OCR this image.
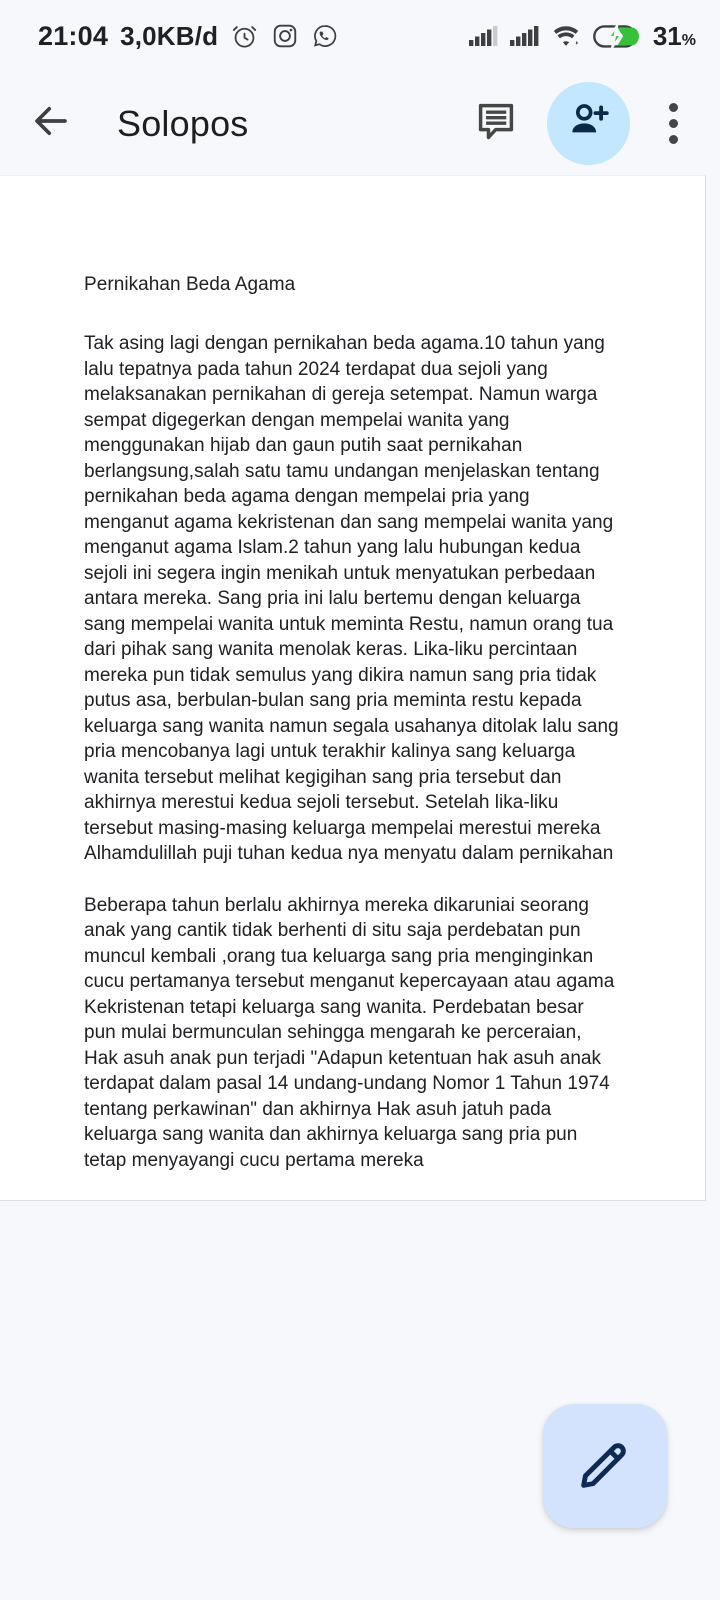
21:04 3,0KB/d	31%
Solopos
Pernikahan Beda Agama

Tak asing lagi dengan pernikahan beda agama.10 tahun yang lalu tepatnya pada tahun 2024 terdapat dua sejoli yang melaksanakan pernikahan di gereja setempat. Namun warga sempat digegerkan dengan mempelai wanita yang menggunakan hijab dan gaun putih saat pernikahan berlangsung,salah satu tamu undangan menjelaskan tentang pernikahan beda agama dengan mempelai pria yang menganut agama kekristenan dan sang mempelai wanita yang menganut agama Islam.2 tahun yang lalu hubungan kedua sejoli ini segera ingin menikah untuk menyatukan perbedaan antara mereka. Sang pria ini lalu bertemu dengan keluarga sang mempelai wanita untuk meminta Restu, namun orang tua dari pihak sang wanita menolak keras. Lika-liku percintaan mereka pun tidak semulus yang dikira namun sang pria tidak putus asa, berbulan-bulan sang pria meminta restu kepada keluarga sang wanita namun segala usahanya ditolak lalu sang pria mencobanya lagi untuk terakhir kalinya sang keluarga wanita tersebut melihat kegigihan sang pria tersebut dan akhirnya merestui kedua sejoli tersebut. Setelah lika-liku tersebut masing-masing keluarga mempelai merestui mereka Alhamdulillah puji tuhan kedua nya menyatu dalam pernikahan

Beberapa tahun berlalu akhirnya mereka dikaruniai seorang anak yang cantik tidak berhenti di situ saja perdebatan pun muncul kembali ,orang tua keluarga sang pria menginginkan cucu pertamanya tersebut menganut kepercayaan atau agama Kekristenan tetapi keluarga sang wanita. Perdebatan besar pun mulai bermunculan sehingga mengarah ke perceraian, Hak asuh anak pun terjadi "Adapun ketentuan hak asuh anak terdapat dalam pasal 14 undang-undang Nomor 1 Tahun 1974 tentang perkawinan" dan akhirnya Hak asuh jatuh pada keluarga sang wanita dan akhirnya keluarga sang pria pun tetap menyayangi cucu pertama mereka
